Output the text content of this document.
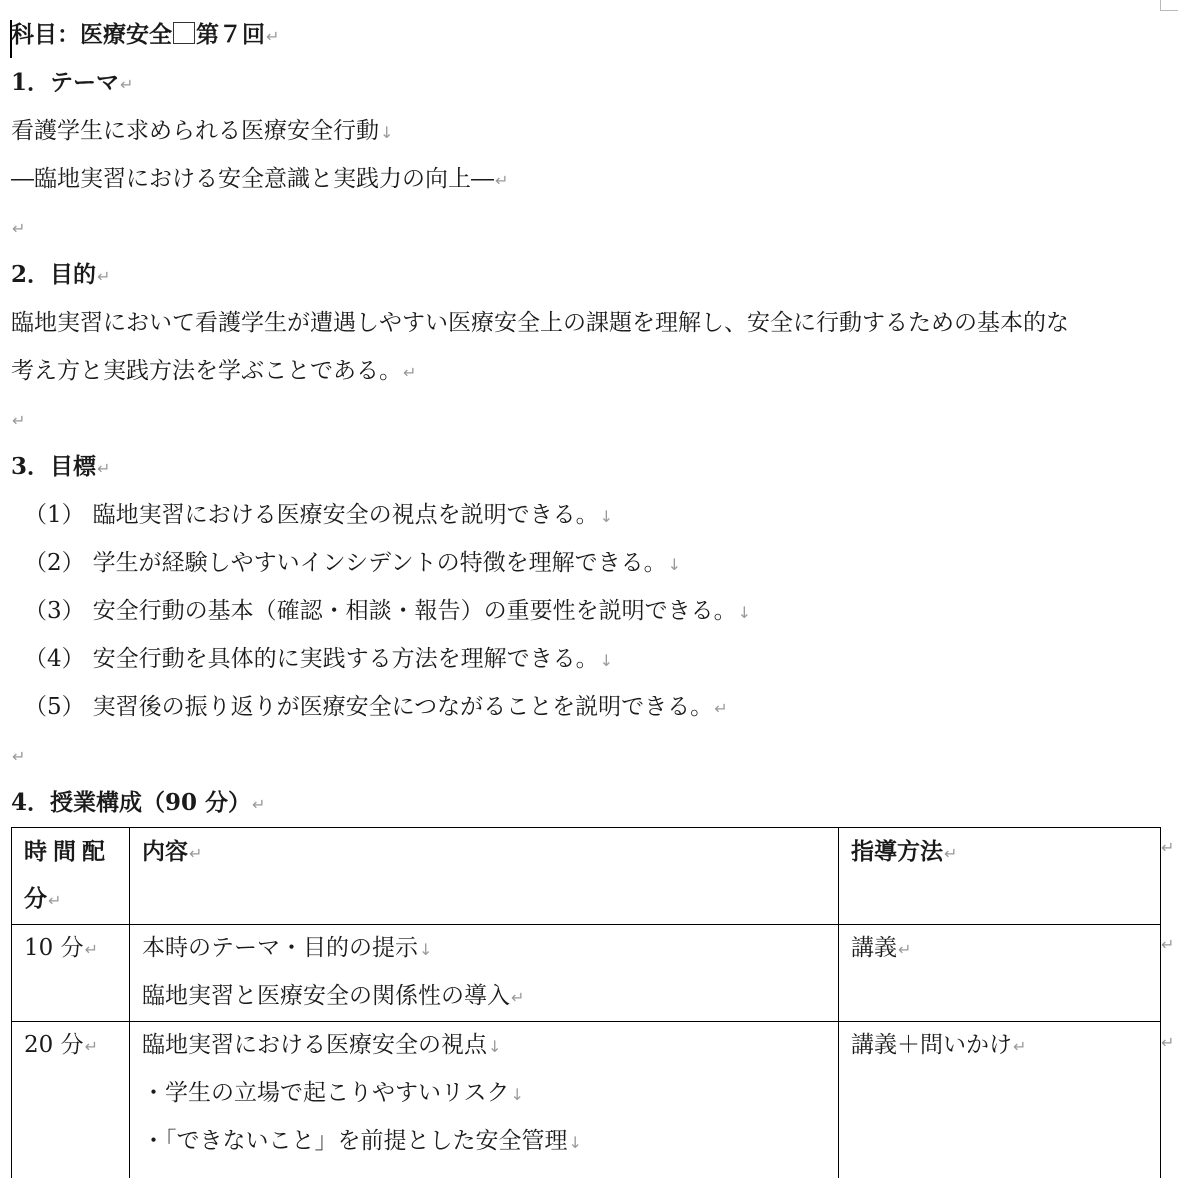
科目：医療安全 第７回↵
1．テーマ↵
看護学生に求められる医療安全行動↓
―臨地実習における安全意識と実践力の向上―↵
↵
2．目的↵
臨地実習において看護学生が遭遇しやすい医療安全上の課題を理解し、安全に行動するための基本的な
考え方と実践方法を学ぶことである。↵
↵
3．目標↵
（1） 臨地実習における医療安全の視点を説明できる。↓
（2） 学生が経験しやすいインシデントの特徴を理解できる。↓
（3） 安全行動の基本（確認・相談・報告）の重要性を説明できる。↓
（4） 安全行動を具体的に実践する方法を理解できる。↓
（5） 実習後の振り返りが医療安全につながることを説明できる。↵
↵
4．授業構成（90 分）↵
時間配
分↵	内容↵	指導方法↵
10 分↵	本時のテーマ・目的の提示↓
臨地実習と医療安全の関係性の導入↵	講義↵
20 分↵	臨地実習における医療安全の視点↓
・学生の立場で起こりやすいリスク↓
・「できないこと」を前提とした安全管理↓	講義＋問いかけ↵
↵
↵
↵
